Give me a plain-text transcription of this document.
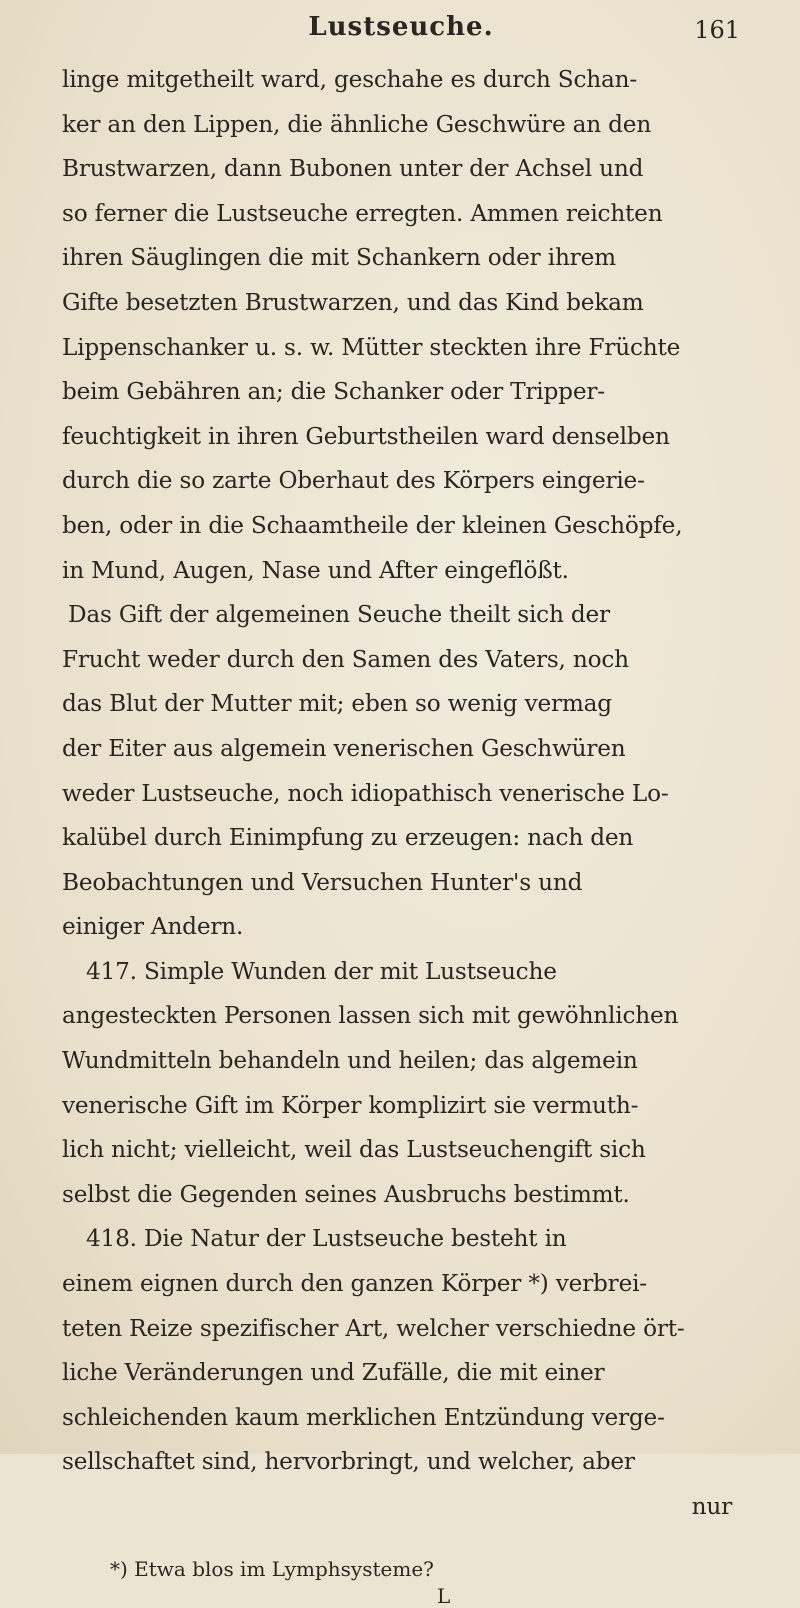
Lustseuche.	161
linge mitgetheilt ward, geschahe es durch Schan-
ker an den Lippen, die ähnliche Geschwüre an den
Brustwarzen, dann Bubonen unter der Achsel und
so ferner die Lustseuche erregten. Ammen reichten
ihren Säuglingen die mit Schankern oder ihrem
Gifte besetzten Brustwarzen, und das Kind bekam
Lippenschanker u. s. w. Mütter steckten ihre Früchte
beim Gebähren an; die Schanker oder Tripper-
feuchtigkeit in ihren Geburtstheilen ward denselben
durch die so zarte Oberhaut des Körpers eingerie-
ben, oder in die Schaamtheile der kleinen Geschöpfe,
in Mund, Augen, Nase und After eingeflößt.
Das Gift der algemeinen Seuche theilt sich der
Frucht weder durch den Samen des Vaters, noch
das Blut der Mutter mit; eben so wenig vermag
der Eiter aus algemein venerischen Geschwüren
weder Lustseuche, noch idiopathisch venerische Lo-
kalübel durch Einimpfung zu erzeugen: nach den
Beobachtungen und Versuchen Hunter's und
einiger Andern.
417. Simple Wunden der mit Lustseuche
angesteckten Personen lassen sich mit gewöhnlichen
Wundmitteln behandeln und heilen; das algemein
venerische Gift im Körper komplizirt sie vermuth-
lich nicht; vielleicht, weil das Lustseuchengift sich
selbst die Gegenden seines Ausbruchs bestimmt.
418. Die Natur der Lustseuche besteht in
einem eignen durch den ganzen Körper *) verbrei-
teten Reize spezifischer Art, welcher verschiedne ört-
liche Veränderungen und Zufälle, die mit einer
schleichenden kaum merklichen Entzündung verge-
sellschaftet sind, hervorbringt, und welcher, aber
nur
*) Etwa blos im Lymphsysteme?
L
